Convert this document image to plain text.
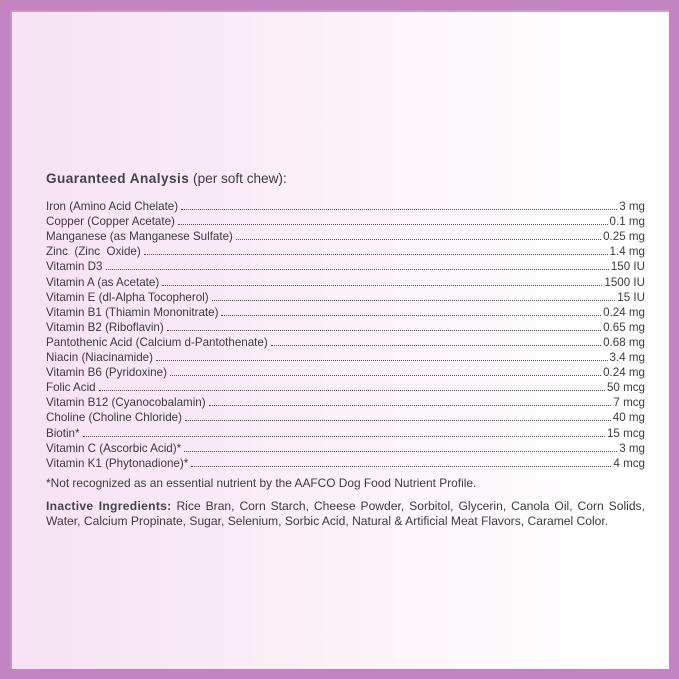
Guaranteed Analysis (per soft chew):
Iron (Amino Acid Chelate)	3 mg
Copper (Copper Acetate)	0.1 mg
Manganese (as Manganese Sulfate)	0.25 mg
Zinc  (Zinc  Oxide)	1.4 mg
Vitamin D3	150 IU
Vitamin A (as Acetate)	1500 IU
Vitamin E (dl-Alpha Tocopherol)	15 IU
Vitamin B1 (Thiamin Mononitrate)	0.24 mg
Vitamin B2 (Riboflavin)	0.65 mg
Pantothenic Acid (Calcium d-Pantothenate)	0.68 mg
Niacin (Niacinamide)	3.4 mg
Vitamin B6 (Pyridoxine)	0.24 mg
Folic Acid	50 mcg
Vitamin B12 (Cyanocobalamin)	7 mcg
Choline (Choline Chloride)	40 mg
Biotin*	15 mcg
Vitamin C (Ascorbic Acid)*	3 mg
Vitamin K1 (Phytonadione)*	4 mcg
*Not recognized as an essential nutrient by the AAFCO Dog Food Nutrient Profile.
Inactive Ingredients: Rice Bran, Corn Starch, Cheese Powder, Sorbitol, Glycerin, Canola Oil, Corn Solids,
Water, Calcium Propinate, Sugar, Selenium, Sorbic Acid, Natural & Artificial Meat Flavors, Caramel Color.
